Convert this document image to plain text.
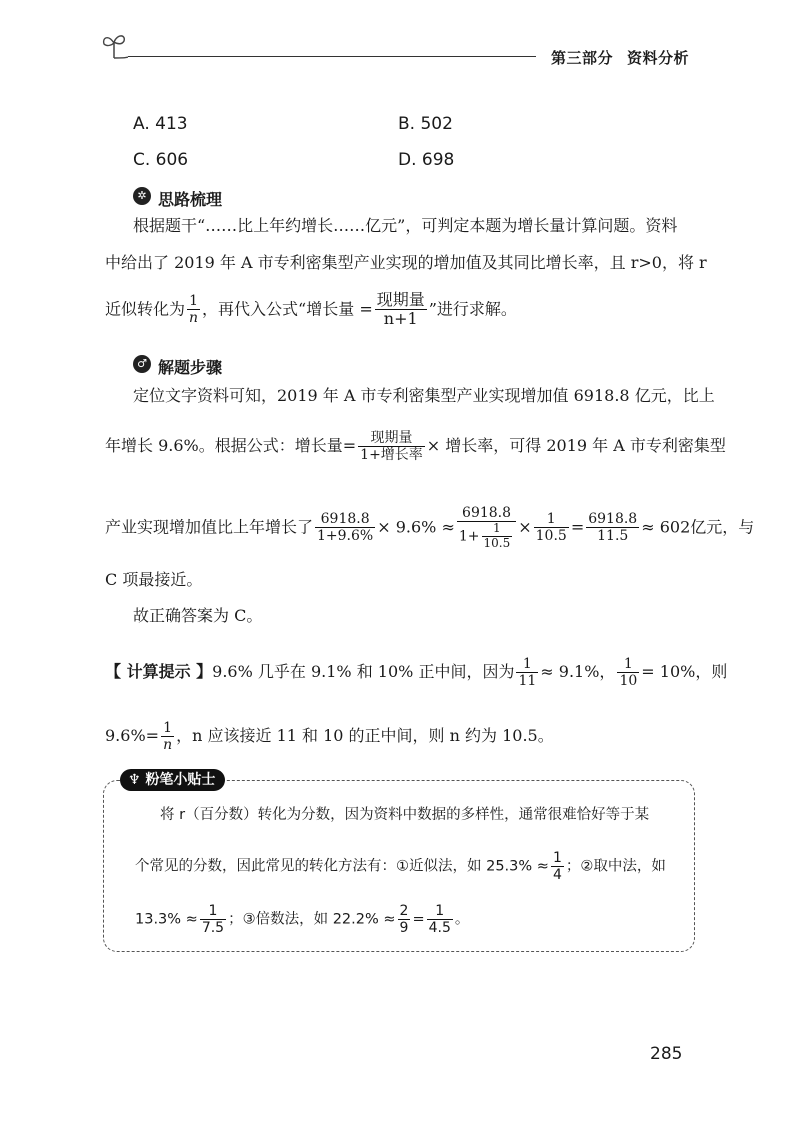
第三部分 资料分析
A. 413	B. 502
C. 606	D. 698
✲ 思路梳理
根据题干“……比上年约增长……亿元”，可判定本题为增长量计算问题。资料
中给出了 2019 年 A 市专利密集型产业实现的增加值及其同比增长率，且 r>0，将 r
近似转化为 $\frac{1}{n}$ ，再代入公式“增长量 = $\frac{\text{现期量}}{n+1}$ ”进行求解。
♂ 解题步骤
定位文字资料可知，2019 年 A 市专利密集型产业实现增加值 6918.8 亿元，比上
年增长 9.6%。根据公式：增长量= $\frac{\text{现期量}}{\text{1+增长率}}$ × 增长率，可得 2019 年 A 市专利密集型
产业实现增加值比上年增长了 $\frac{6918.8}{1+9.6\%} \times 9.6\% \approx \frac{6918.8}{1+ \frac{1}{10.5}} \times \frac{1}{10.5} = \frac{6918.8}{11.5} \approx 602$亿元，与
C 项最接近。
故正确答案为 C。
【 计算提示 】9.6% 几乎在 9.1% 和 10% 正中间，因为 $\frac{1}{11} \approx 9.1\%$， $\frac{1}{10} = 10\%$，则
$9.6\%= \frac{1}{n}$ ，n 应该接近 11 和 10 的正中间，则 n 约为 10.5。
♆ 粉笔小贴士
将 r（百分数）转化为分数，因为资料中数据的多样性，通常很难恰好等于某
个常见的分数，因此常见的转化方法有：①近似法，如 $25.3\% \approx \frac{1}{4}$ ；②取中法，如
$13.3\% \approx \frac{1}{7.5}$ ；③倍数法，如 $22.2\% \approx \frac{2}{9} = \frac{1}{4.5}$ 。
285
